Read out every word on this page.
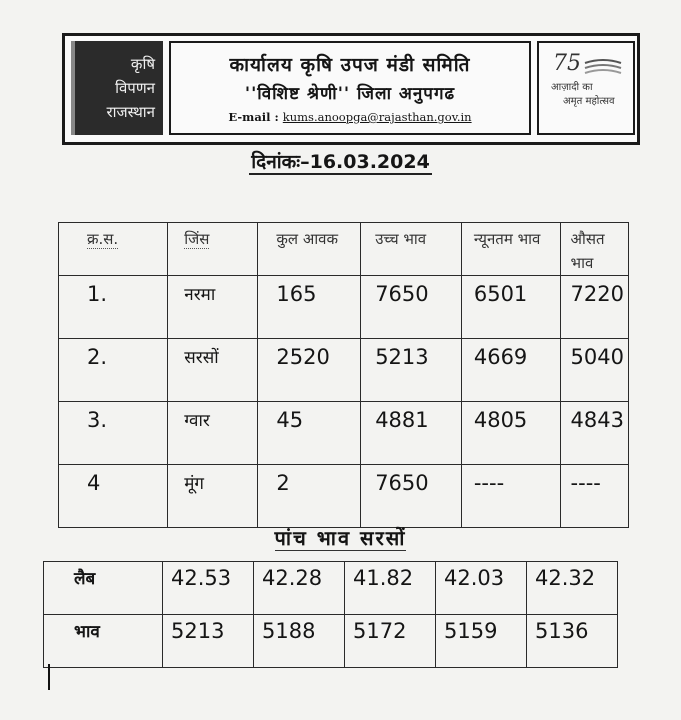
कृषि
विपणन
राजस्थान
कार्यालय कृषि उपज मंडी समिति
''विशिष्ट श्रेणी'' जिला अनुपगढ
E-mail : kums.anoopga@rajasthan.gov.in
75
आज़ादी का
अमृत महोत्सव
दिनांकः–16.03.2024
क्र.स.	जिंस	कुल आवक	उच्च भाव	न्यूनतम भाव	औसत भाव
1.	नरमा	165	7650	6501	7220
2.	सरसों	2520	5213	4669	5040
3.	ग्वार	45	4881	4805	4843
4	मूंग	2	7650	----	----
पांच भाव सरसों
लैब	42.53	42.28	41.82	42.03	42.32
भाव	5213	5188	5172	5159	5136
